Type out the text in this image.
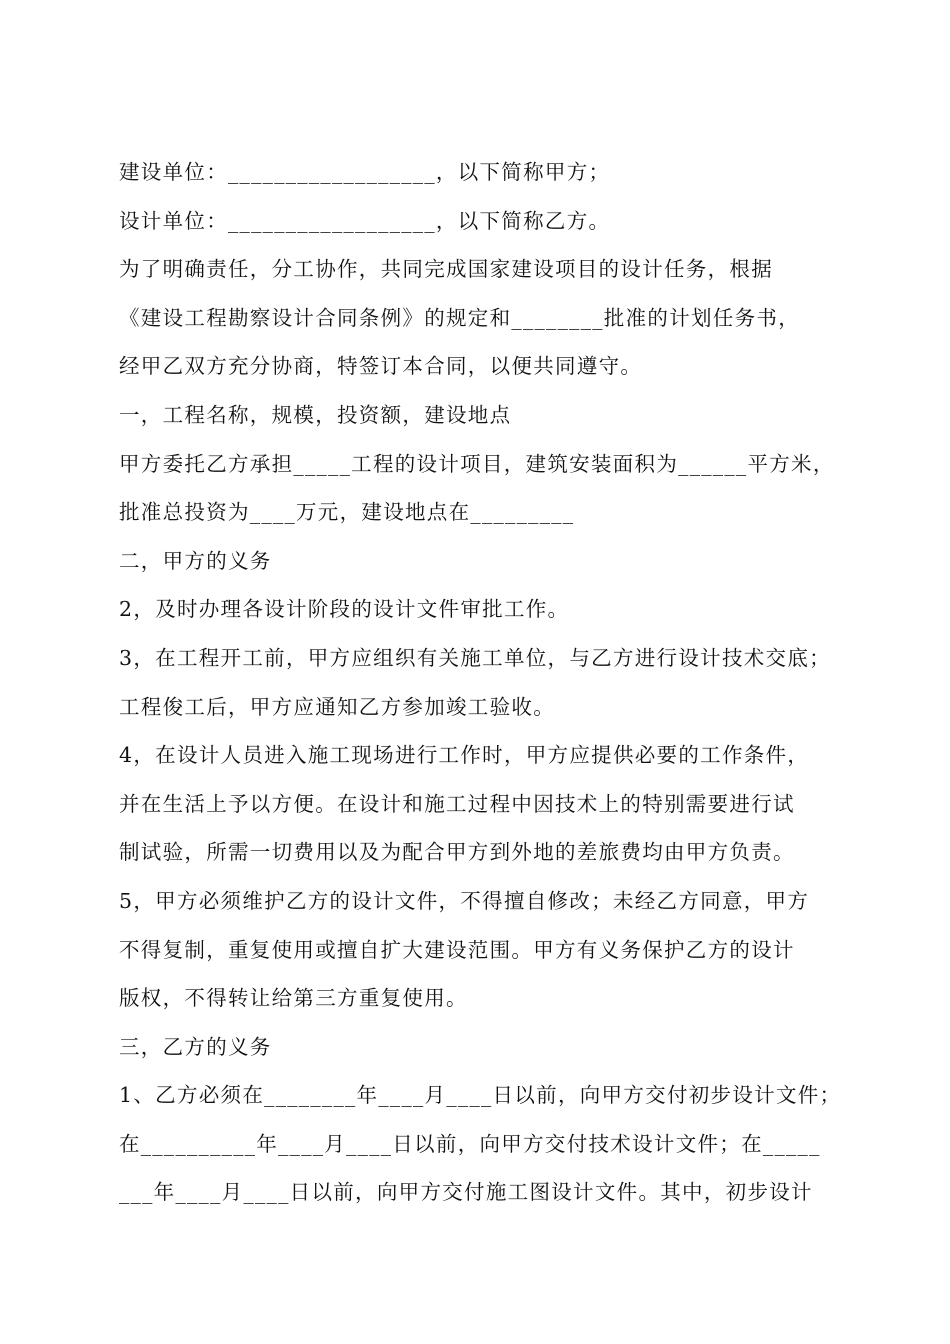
建设单位：__________________，以下简称甲方；
设计单位：__________________，以下简称乙方。
为了明确责任，分工协作，共同完成国家建设项目的设计任务，根据
《建设工程勘察设计合同条例》的规定和________批准的计划任务书，
经甲乙双方充分协商，特签订本合同，以便共同遵守。
一，工程名称，规模，投资额，建设地点
甲方委托乙方承担_____工程的设计项目，建筑安装面积为______平方米，
批准总投资为____万元，建设地点在_________
二，甲方的义务
2，及时办理各设计阶段的设计文件审批工作。
3，在工程开工前，甲方应组织有关施工单位，与乙方进行设计技术交底；
工程俊工后，甲方应通知乙方参加竣工验收。
4，在设计人员进入施工现场进行工作时，甲方应提供必要的工作条件，
并在生活上予以方便。在设计和施工过程中因技术上的特别需要进行试
制试验，所需一切费用以及为配合甲方到外地的差旅费均由甲方负责。
5，甲方必须维护乙方的设计文件，不得擅自修改；未经乙方同意，甲方
不得复制，重复使用或擅自扩大建设范围。甲方有义务保护乙方的设计
版权，不得转让给第三方重复使用。
三，乙方的义务
1、乙方必须在________年____月____日以前，向甲方交付初步设计文件；
在__________年____月____日以前，向甲方交付技术设计文件；在_____
___年____月____日以前，向甲方交付施工图设计文件。其中，初步设计
